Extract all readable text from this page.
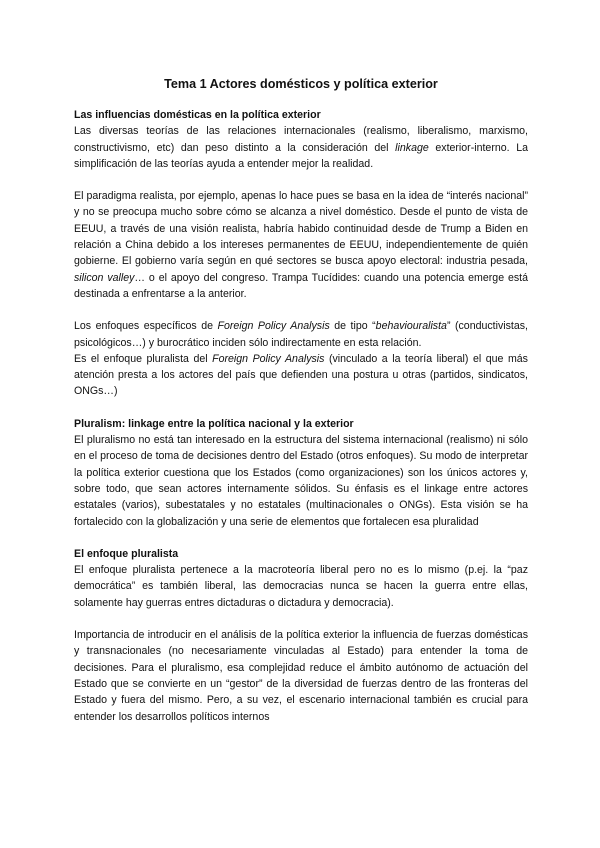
Tema 1 Actores domésticos y política exterior
Las influencias domésticas en la política exterior

Las diversas teorías de las relaciones internacionales (realismo, liberalismo, marxismo, constructivismo, etc) dan peso distinto a la consideración del linkage exterior-interno. La simplificación de las teorías ayuda a entender mejor la realidad.

El paradigma realista, por ejemplo, apenas lo hace pues se basa en la idea de “interés nacional” y no se preocupa mucho sobre cómo se alcanza a nivel doméstico. Desde el punto de vista de EEUU, a través de una visión realista, habría habido continuidad desde de Trump a Biden en relación a China debido a los intereses permanentes de EEUU, independientemente de quién gobierne. El gobierno varía según en qué sectores se busca apoyo electoral: industria pesada, silicon valley… o el apoyo del congreso. Trampa Tucídides: cuando una potencia emerge está destinada a enfrentarse a la anterior.

Los enfoques específicos de Foreign Policy Analysis de tipo “behaviouralista” (conductivistas, psicológicos…) y burocrático inciden sólo indirectamente en esta relación.

Es el enfoque pluralista del Foreign Policy Analysis (vinculado a la teoría liberal) el que más atención presta a los actores del país que defienden una postura u otras (partidos, sindicatos, ONGs…)

Pluralism: linkage entre la política nacional y la exterior

El pluralismo no está tan interesado en la estructura del sistema internacional (realismo) ni sólo en el proceso de toma de decisiones dentro del Estado (otros enfoques). Su modo de interpretar la política exterior cuestiona que los Estados (como organizaciones) son los únicos actores y, sobre todo, que sean actores internamente sólidos. Su énfasis es el linkage entre actores estatales (varios), subestatales y no estatales (multinacionales o ONGs). Esta visión se ha fortalecido con la globalización y una serie de elementos que fortalecen esa pluralidad

El enfoque pluralista

El enfoque pluralista pertenece a la macroteoría liberal pero no es lo mismo (p.ej. la “paz democrática” es también liberal, las democracias nunca se hacen la guerra entre ellas, solamente hay guerras entres dictaduras o dictadura y democracia).

Importancia de introducir en el análisis de la política exterior la influencia de fuerzas domésticas y transnacionales (no necesariamente vinculadas al Estado) para entender la toma de decisiones. Para el pluralismo, esa complejidad reduce el ámbito autónomo de actuación del Estado que se convierte en un “gestor” de la diversidad de fuerzas dentro de las fronteras del Estado y fuera del mismo. Pero, a su vez, el escenario internacional también es crucial para entender los desarrollos políticos internos
